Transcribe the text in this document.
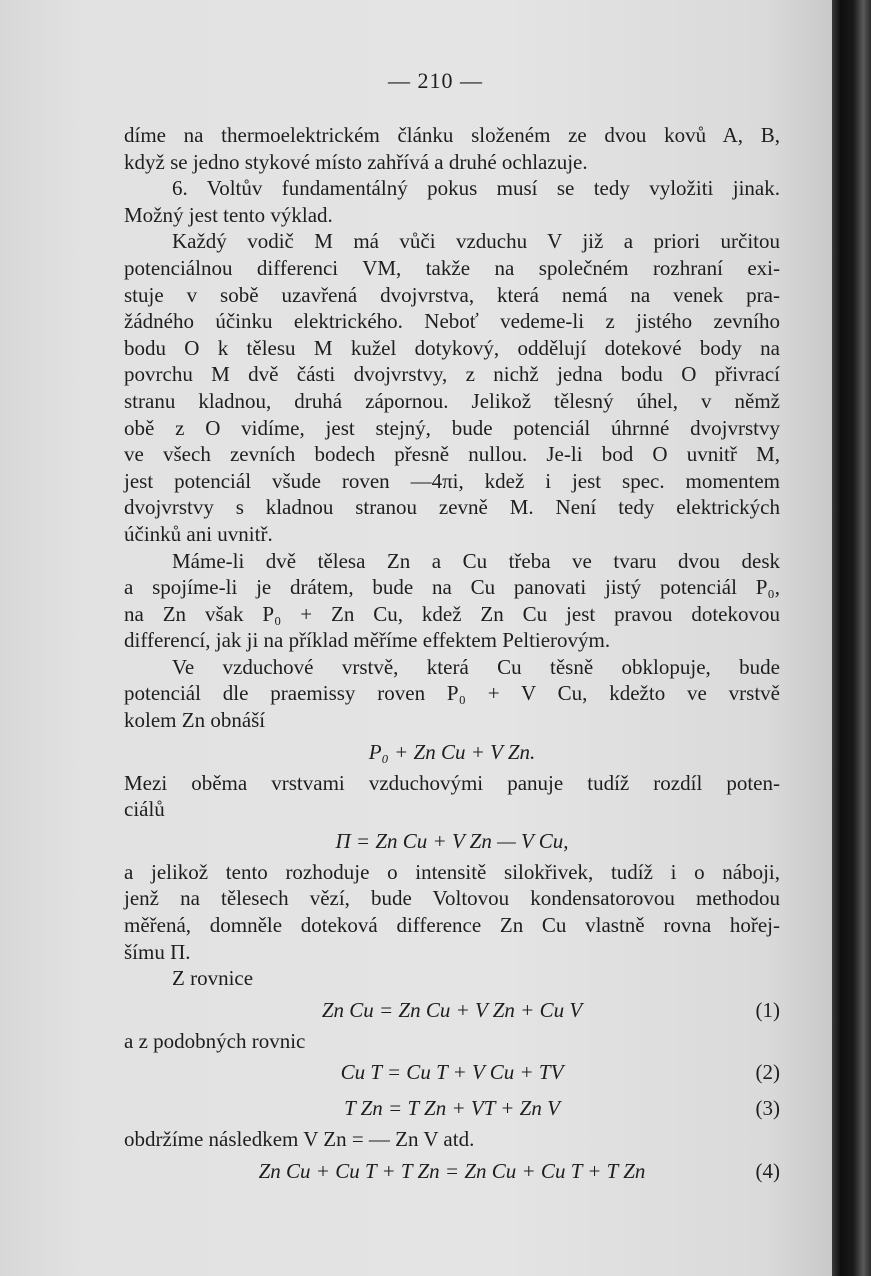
— 210 —
díme na thermoelektrickém článku složeném ze dvou kovů A, B,
když se jedno stykové místo zahřívá a druhé ochlazuje.
6. Voltův fundamentálný pokus musí se tedy vyložiti jinak.
Možný jest tento výklad.
Každý vodič M má vůči vzduchu V již a priori určitou
potenciálnou differenci VM, takže na společném rozhraní exi-
stuje v sobě uzavřená dvojvrstva, která nemá na venek pra-
žádného účinku elektrického. Neboť vedeme-li z jistého zevního
bodu O k tělesu M kužel dotykový, oddělují dotekové body na
povrchu M dvě části dvojvrstvy, z nichž jedna bodu O přivrací
stranu kladnou, druhá zápornou. Jelikož tělesný úhel, v němž
obě z O vidíme, jest stejný, bude potenciál úhrnné dvojvrstvy
ve všech zevních bodech přesně nullou. Je-li bod O uvnitř M,
jest potenciál všude roven —4πi, kdež i jest spec. momentem
dvojvrstvy s kladnou stranou zevně M. Není tedy elektrických
účinků ani uvnitř.
Máme-li dvě tělesa Zn a Cu třeba ve tvaru dvou desk
a spojíme-li je drátem, bude na Cu panovati jistý potenciál P₀,
na Zn však P₀ + Zn Cu, kdež Zn Cu jest pravou dotekovou
differencí, jak ji na příklad měříme effektem Peltierovým.
Ve vzduchové vrstvě, která Cu těsně obklopuje, bude
potenciál dle praemissy roven P₀ + V Cu, kdežto ve vrstvě
kolem Zn obnáší
P₀ + Zn Cu + V Zn.
Mezi oběma vrstvami vzduchovými panuje tudíž rozdíl poten-
ciálů
Π = Zn Cu + V Zn — V Cu,
a jelikož tento rozhoduje o intensitě silokřivek, tudíž i o náboji,
jenž na tělesech vězí, bude Voltovou kondensatorovou methodou
měřená, domněle doteková difference Zn Cu vlastně rovna hořej-
šímu Π.
Z rovnice
Zn Cu = Zn Cu + V Zn + Cu V	(1)
a z podobných rovnic
Cu T = Cu T + V Cu + TV	(2)
T Zn = T Zn + VT + Zn V	(3)
obdržíme následkem V Zn = — Zn V atd.
Zn Cu + Cu T + T Zn = Zn Cu + Cu T + T Zn	(4)
